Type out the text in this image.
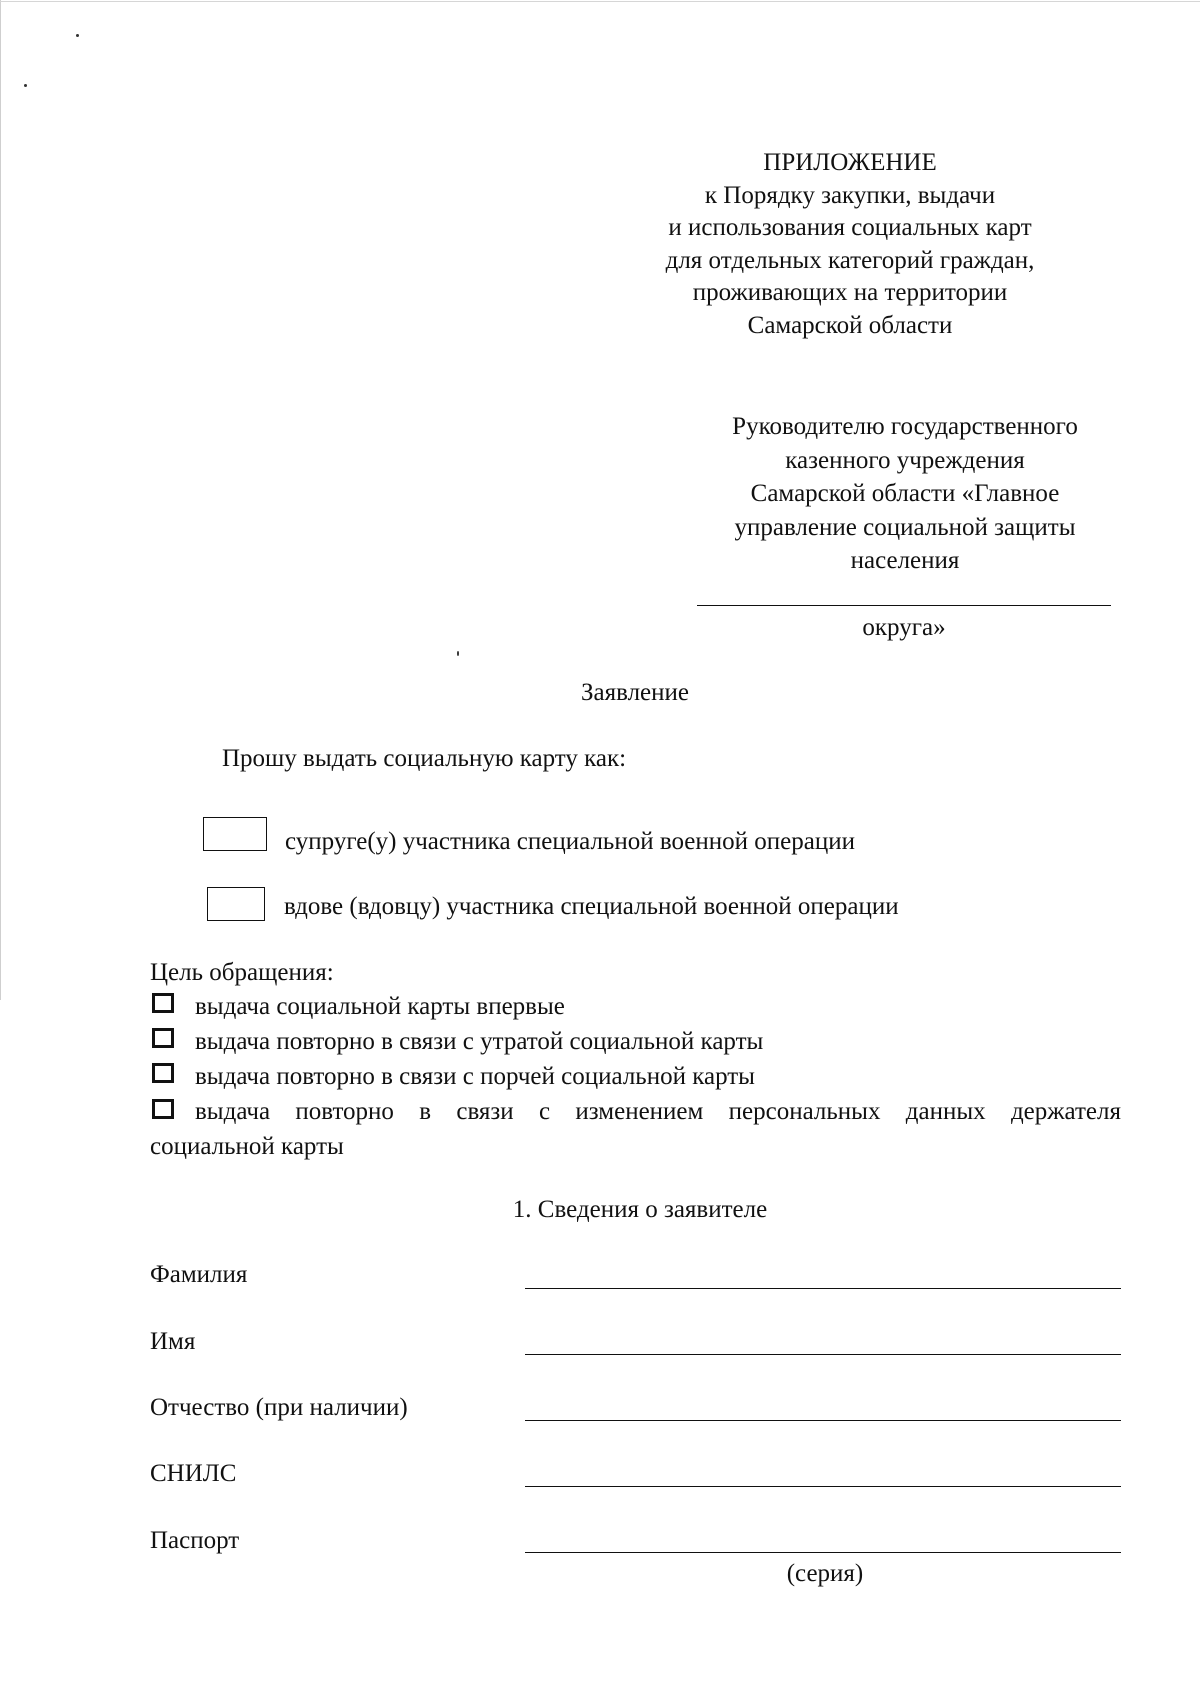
ПРИЛОЖЕНИЕ
к Порядку закупки, выдачи
и использования социальных карт
для отдельных категорий граждан,
проживающих на территории
Самарской области
Руководителю государственного
казенного учреждения
Самарской области «Главное
управление социальной защиты
населения
округа»
Заявление
Прошу выдать социальную карту как:
супруге(у) участника специальной военной операции
вдове (вдовцу) участника специальной военной операции
Цель обращения:
выдача социальной карты впервые
выдача повторно в связи с утратой социальной карты
выдача повторно в связи с порчей социальной карты
выдача повторно в связи с изменением персональных данных держателя
социальной карты
1. Сведения о заявителе
Фамилия
Имя
Отчество (при наличии)
СНИЛС
Паспорт
(серия)
